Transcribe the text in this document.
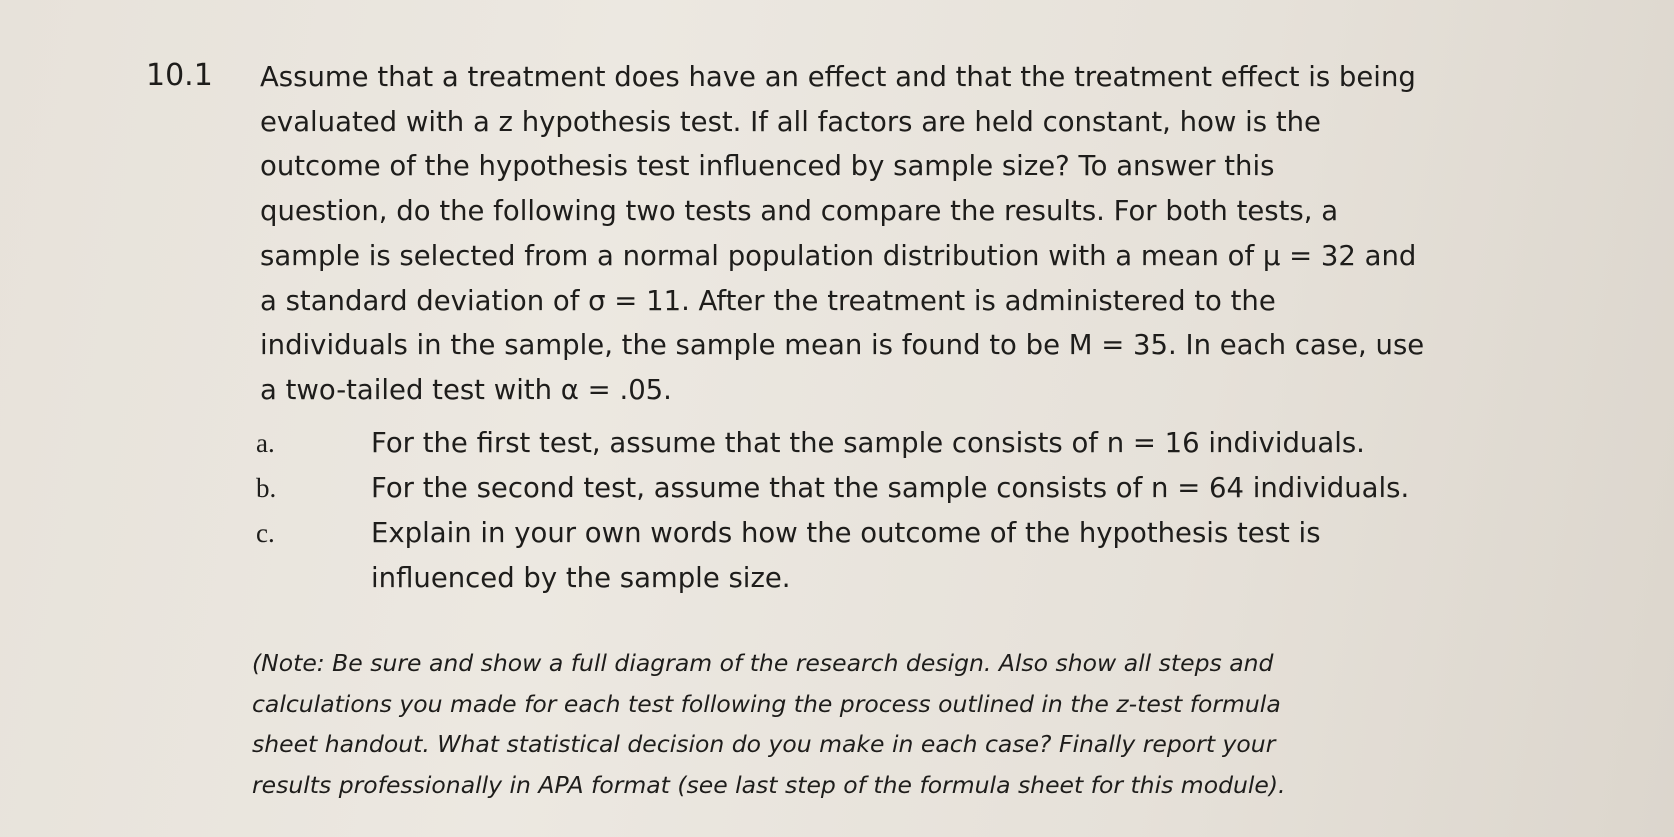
10.1 Assume that a treatment does have an effect and that the treatment effect is being
evaluated with a z hypothesis test. If all factors are held constant, how is the
outcome of the hypothesis test influenced by sample size? To answer this
question, do the following two tests and compare the results. For both tests, a
sample is selected from a normal population distribution with a mean of μ = 32 and
a standard deviation of σ = 11. After the treatment is administered to the
individuals in the sample, the sample mean is found to be M = 35. In each case, use
a two-tailed test with α = .05.
a.	For the first test, assume that the sample consists of n = 16 individuals.
b.	For the second test, assume that the sample consists of n = 64 individuals.
c.	Explain in your own words how the outcome of the hypothesis test is
influenced by the sample size.
(Note: Be sure and show a full diagram of the research design. Also show all steps and
calculations you made for each test following the process outlined in the z-test formula
sheet handout. What statistical decision do you make in each case? Finally report your
results professionally in APA format (see last step of the formula sheet for this module).
